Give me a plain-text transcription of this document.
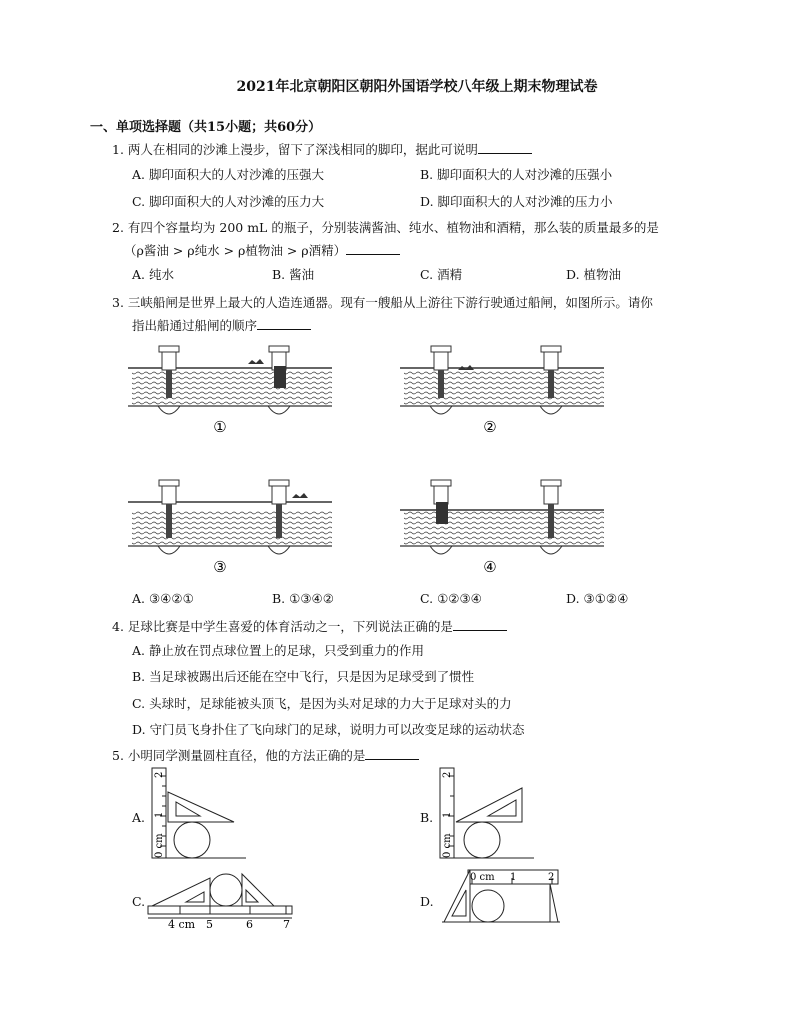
2021年北京朝阳区朝阳外国语学校八年级上期末物理试卷
一、单项选择题（共15小题；共60分）
1. 两人在相同的沙滩上漫步，留下了深浅相同的脚印，据此可说明
A. 脚印面积大的人对沙滩的压强大	B. 脚印面积大的人对沙滩的压强小
C. 脚印面积大的人对沙滩的压力大	D. 脚印面积大的人对沙滩的压力小
2. 有四个容量均为 200 mL 的瓶子，分别装满酱油、纯水、植物油和酒精，那么装的质量最多的是
（ρ酱油 > ρ纯水 > ρ植物油 > ρ酒精）
A. 纯水	B. 酱油	C. 酒精	D. 植物油
3. 三峡船闸是世界上最大的人造连通器。现有一艘船从上游往下游行驶通过船闸，如图所示。请你
指出船通过船闸的顺序
①	②
③	④
A. ③④②①	B. ①③④②	C. ①②③④	D. ③①②④
4. 足球比赛是中学生喜爱的体育活动之一，下列说法正确的是
A. 静止放在罚点球位置上的足球，只受到重力的作用
B. 当足球被踢出后还能在空中飞行，只是因为足球受到了惯性
C. 头球时，足球能被头顶飞，是因为头对足球的力大于足球对头的力
D. 守门员飞身扑住了飞向球门的足球，说明力可以改变足球的运动状态
5. 小明同学测量圆柱直径，他的方法正确的是
A.	B.
C.	D.
0 cm
1
2
0 cm
1
2
4 cm 5	6	7
0 cm 1	2
